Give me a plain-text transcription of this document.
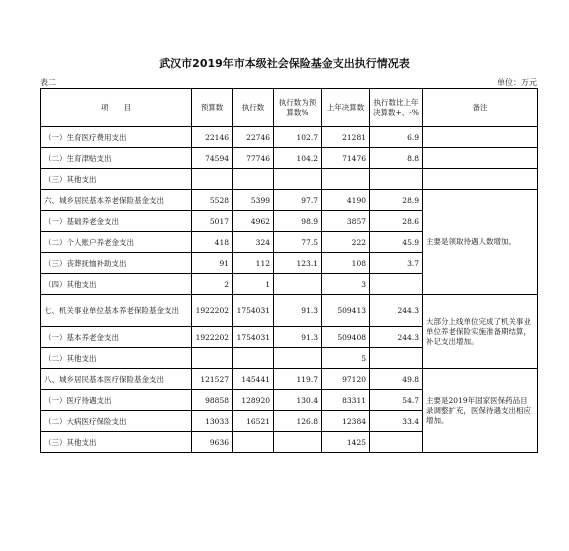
武汉市2019年市本级社会保险基金支出执行情况表
表二	单位：万元
项　　目	预算数	执行数	执行数为预算数%	上年决算数	执行数比上年决算数+、-%	备注
（一）生育医疗费用支出	22146	22746	102.7	21281	6.9	
（二）生育津贴支出	74594	77746	104.2	71476	8.8	
（三）其他支出						
六、城乡居民基本养老保险基金支出	5528	5399	97.7	4190	28.9	主要是领取待遇人数增加。
（一）基础养老金支出	5017	4962	98.9	3857	28.6	
（二）个人账户养老金支出	418	324	77.5	222	45.9	
（三）丧葬抚恤补助支出	91	112	123.1	108	3.7	
（四）其他支出	2	1		3		
七、机关事业单位基本养老保险基金支出	1922202	1754031	91.3	509413	244.3	大部分上线单位完成了机关事业单位养老保险实施准备期结算，补记支出增加。
（一）基本养老金支出	1922202	1754031	91.3	509408	244.3	
（二）其他支出				5		
八、城乡居民基本医疗保险基金支出	121527	145441	119.7	97120	49.8	主要是2019年国家医保药品目录调整扩充，医保待遇支出相应增加。
（一）医疗待遇支出	98858	128920	130.4	83311	54.7	
（二）大病医疗保险支出	13033	16521	126.8	12384	33.4	
（三）其他支出	9636			1425		
